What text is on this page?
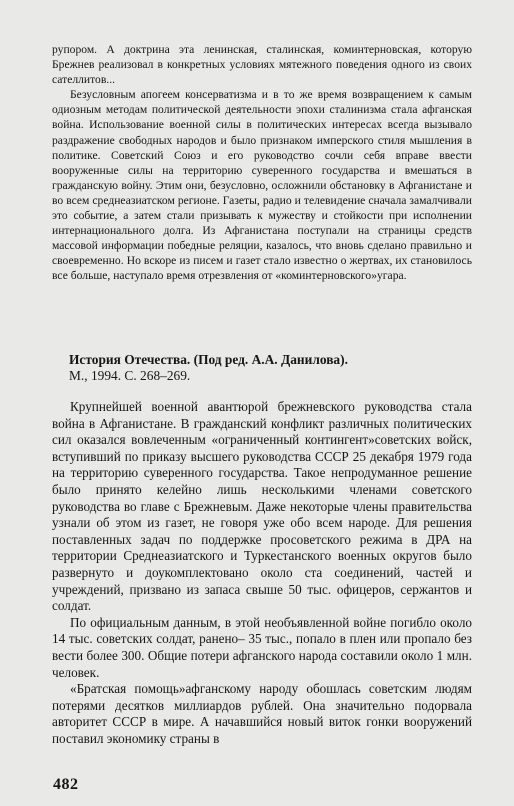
рупором. А доктрина эта ленинская, сталинская, коминтерновская, которую Брежнев реализовал в конкретных условиях мятежного поведения одного из своих сателлитов...

Безусловным апогеем консерватизма и в то же время возвращением к самым одиозным методам политической деятельности эпохи сталинизма стала афганская война. Использование военной силы в политических интересах всегда вызывало раздражение свободных народов и было признаком имперского стиля мышления в политике. Советский Союз и его руководство сочли себя вправе ввести вооруженные силы на территорию суверенного государства и вмешаться в гражданскую войну. Этим они, безусловно, осложнили обстановку в Афганистане и во всем среднеазиатском регионе. Газеты, радио и телевидение сначала замалчивали это событие, а затем стали призывать к мужеству и стойкости при исполнении интернационального долга. Из Афганистана поступали на страницы средств массовой информации победные реляции, казалось, что вновь сделано правильно и своевременно. Но вскоре из писем и газет стало известно о жертвах, их становилось все больше, наступало время отрезвления от «коминтерновского»угара.

История Отечества. (Под ред. А.А. Данилова).
М., 1994. С. 268–269.

Крупнейшей военной авантюрой брежневского руководства стала война в Афганистане. В гражданский конфликт различных политических сил оказался вовлеченным «ограниченный контингент»советских войск, вступивший по приказу высшего руководства СССР 25 декабря 1979 года на территорию суверенного государства. Такое непродуманное решение было принято келейно лишь несколькими членами советского руководства во главе с Брежневым. Даже некоторые члены правительства узнали об этом из газет, не говоря уже обо всем народе. Для решения поставленных задач по поддержке просоветского режима в ДРА на территории Среднеазиатского и Туркестанского военных округов было развернуто и доукомплектовано около ста соединений, частей и учреждений, призвано из запаса свыше 50 тыс. офицеров, сержантов и солдат.

По официальным данным, в этой необъявленной войне погибло около 14 тыс. советских солдат, ранено– 35 тыс., попало в плен или пропало без вести более 300. Общие потери афганского народа составили около 1 млн. человек.

«Братская помощь»афганскому народу обошлась советским людям потерями десятков миллиардов рублей. Она значительно подорвала авторитет СССР в мире. А начавшийся новый виток гонки вооружений поставил экономику страны в

482
